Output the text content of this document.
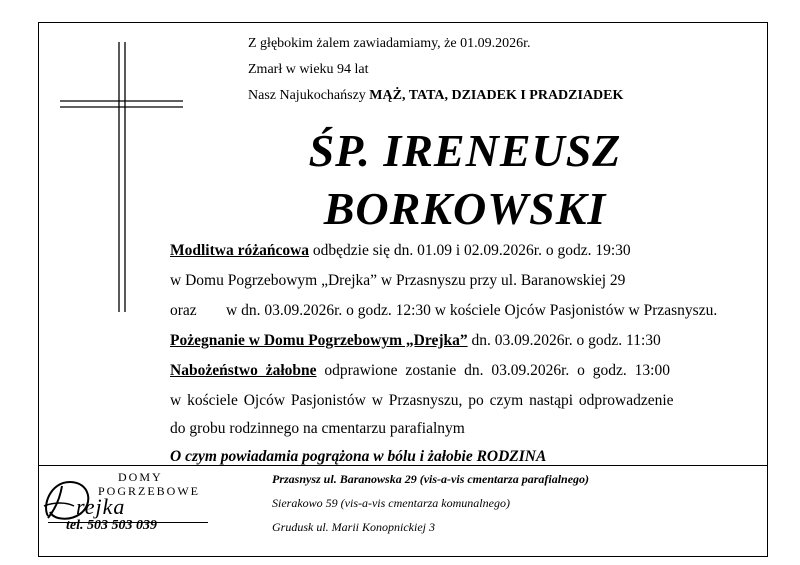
Z głębokim żalem zawiadamiamy, że 01.09.2026r.
Zmarł w wieku 94 lat
Nasz Najukochańszy MĄŻ, TATA, DZIADEK I PRADZIADEK
ŚP. IRENEUSZ
BORKOWSKI
Modlitwa różańcowa odbędzie się dn. 01.09 i 02.09.2026r. o godz. 19:30
w Domu Pogrzebowym „Drejka” w Przasnyszu przy ul. Baranowskiej 29
oraz w dn. 03.09.2026r. o godz. 12:30 w kościele Ojców Pasjonistów w Przasnyszu.
Pożegnanie w Domu Pogrzebowym „Drejka” dn. 03.09.2026r. o godz. 11:30
Nabożeństwo żałobne odprawione zostanie dn. 03.09.2026r. o godz. 13:00
w kościele Ojców Pasjonistów w Przasnyszu, po czym nastąpi odprowadzenie
do grobu rodzinnego na cmentarzu parafialnym
O czym powiadamia pogrążona w bólu i żałobie RODZINA
DOMY
POGRZEBOWE
rejka
tel. 503 503 039
Przasnysz ul. Baranowska 29 (vis-a-vis cmentarza parafialnego)
Sierakowo 59 (vis-a-vis cmentarza komunalnego)
Grudusk ul. Marii Konopnickiej 3
